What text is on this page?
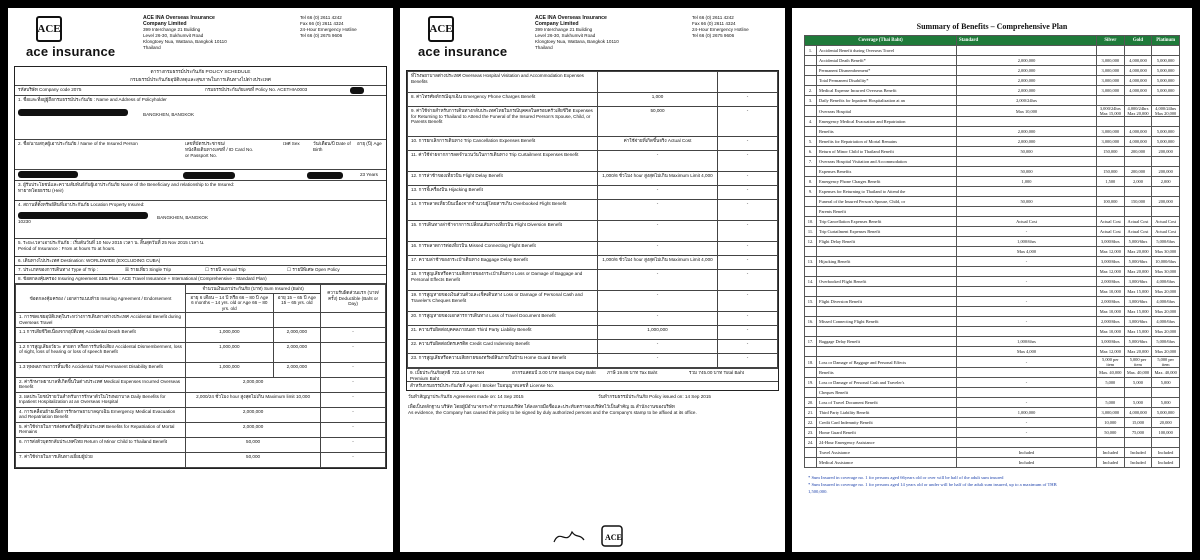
ACE
ace insurance
ACE INA Overseas Insurance
Company Limited
399 Interchange 21 Building
Level 26-30, Sukhumvit Road
Klongtoey Nua, Wattana, Bangkok 10110
Thailand
Tel 66 (0) 2611 4242
Fax 66 (0) 2611 4324
24-Hour Emergency Hotline
Tel 66 (0) 2675 9606
ตารางกรมธรรม์ประกันภัย POLICY SCHEDULE
กรมธรรม์ประกันภัยอุบัติเหตุและสุขภาพในการเดินทางไปต่างประเทศ
รหัสบริษัท Company code 2075	กรมธรรม์ประกันภัยเลขที่ Policy No. ACETHIA0003
1. ชื่อและที่อยู่ผู้ถือกรมธรรม์ประกันภัย : Name and Address of Policyholder

BANGKHEN, BANGKOK
2. ชื่อ/นามสกุลผู้เอาประกันภัย / Name of the Insured Person	เลขที่บัตรประชาชน/ หนังสือเดินทางเลขที่ / ID Card No. or Passport No.
เพศ Sex	วัน/เดือน/ปี Date of Birth
อายุ (ปี) Age
23 Years
3. ผู้รับประโยชน์และความสัมพันธ์กับผู้เอาประกันภัย Name of the Beneficiary and relationship to the Insured:
ทายาทโดยธรรม (Heir)
4. สถานที่ตั้งทรัพย์สินที่เอาประกันภัย Location Property Insured:

BANGKHEN, BANGKOK

10230
5. ระยะเวลาเอาประกันภัย : เริ่มต้นวันที่ 10 Nov 2015 เวลา น. สิ้นสุดวันที่ 25 Nov 2015 เวลา น.
Period of Insurance : From at hours To at hours.
6. เดินทางไปประเทศ Destination: WORLDWIDE (EXCLUDING CUBA)
7. ประเภทของการเดินทาง Type of Trip :	☒ รายเที่ยว Single Trip	☐ รายปี Annual Trip	☐ รายปีพิเศษ Open Policy
8. ข้อตกลงคุ้มครอง Insuring Agreement แผน Plan : ACE Travel Insurance + International (Comprehensive - Standard Plan)
ข้อตกลงคุ้มครอง / เอกสารแนบท้าย Insuring Agreement / Endorsement	จำนวนเงินเอาประกันภัย (บาท) Sum Insured (Baht)		ความรับผิดส่วนแรก (บาท/ครั้ง) Deductible (Baht or Day)
	อายุ 6 เดือน – 14 ปี หรือ 66 – 80 ปี Age 6 months – 14 yrs. old or Age 66 – 80 yrs. old	อายุ 15 – 65 ปี Age 15 – 65 yrs. old	
1. การชดเชยอุบัติเหตุในระหว่างการเดินทางต่างประเทศ Accidental Benefit during Overseas Travel			
1.1 การเสียชีวิตเนื่องจากอุบัติเหตุ Accidental Death Benefit	1,000,000	2,000,000	-
1.2 การสูญเสียอวัยวะ สายตา หรือการรับฟังเสียง Accidental Dismemberment, loss of sight, loss of hearing or loss of speech Benefit	1,000,000	2,000,000	-
1.3 ทุพพลภาพถาวรสิ้นเชิง Accidental Total Permanent Disability Benefit	1,000,000	2,000,000	-
2. ค่ารักษาพยาบาลที่เกิดขึ้นในต่างประเทศ Medical Expenses Incurred Overseas Benefit	2,000,000		-
3. ผลประโยชน์รายวันสำหรับการรักษาตัวในโรงพยาบาล Daily Benefits for Inpatient Hospitalization at an Overseas Hospital	2,000/24 ชั่วโมง hour สูงสุดไม่เกิน Maximum limit 10,000		-
4. การเคลื่อนย้ายเพื่อการรักษาพยาบาลฉุกเฉิน Emergency Medical Evacuation and Repatriation Benefit	2,000,000		-
5. ค่าใช้จ่ายในการส่งศพหรืออัฐิกลับประเทศ Benefits for Repatriation of Mortal Remains	2,000,000		-
6. การส่งตัวบุตรกลับประเทศไทย Return of Minor Child to Thailand Benefit	50,000		-
7. ค่าใช้จ่ายในการเดินทางเยี่ยมผู้ป่วย	50,000		-
ACE
ace insurance
ACE INA Overseas Insurance
Company Limited
399 Interchange 21 Building
Level 26-30, Sukhumvit Road
Klongtoey Nua, Wattana, Bangkok 10110
Thailand
Tel 66 (0) 2611 4242
Fax 66 (0) 2611 4324
24-Hour Emergency Hotline
Tel 66 (0) 2675 9606
ที่โรงพยาบาลต่างประเทศ Overseas Hospital Visitation and Accommodation Expenses Benefits		
8. ค่าโทรศัพท์กรณีฉุกเฉิน Emergency Phone Charges Benefit	1,000	-
9. ค่าใช้จ่ายสำหรับการเดินทางกลับประเทศไทยในกรณีบุคคลในครอบครัวเสียชีวิต Expenses for Returning to Thailand to Attend the Funeral of the Insured Person's Spouse, Child, or Parents Benefit	50,000	-
10. การยกเลิกการเดินทาง Trip Cancellation Expenses Benefit	ค่าใช้จ่ายที่เกิดขึ้นจริง Actual Cost	-
11. ค่าใช้จ่ายจากการลดจำนวนวันในการเดินทาง Trip Curtailment Expenses Benefit	-	-
12. การล่าช้าของเที่ยวบิน Flight Delay Benefit	1,000/6 ชั่วโมง hour สูงสุดไม่เกิน Maximum Limit 4,000	-
13. การจี้เครื่องบิน Hijacking Benefit	-	-
14. การพลาดเที่ยวบินเนื่องจากจำนวนผู้โดยสารเกิน Overbooked Flight Benefit	-	-
15. การเดินทางล่าช้าจากการเปลี่ยนเส้นทางเที่ยวบิน Flight Diversion Benefit	-	-
16. การพลาดการต่อเที่ยวบิน Missed Connecting Flight Benefit	-	-
17. ความล่าช้าของกระเป๋าเดินทาง Baggage Delay Benefit	1,000/6 ชั่วโมง hour สูงสุดไม่เกิน Maximum Limit 4,000	-
18. การสูญเสียหรือความเสียหายของกระเป๋าเดินทาง Loss or Damage of Baggage and Personal Effects Benefit	-	-
19. การสูญหายของเงินส่วนตัวและเช็คเดินทาง Loss or Damage of Personal Cash and Traveler's Cheques Benefit	-	-
20. การสูญหายของเอกสารการเดินทาง Loss of Travel Document Benefit	-	-
21. ความรับผิดต่อบุคคลภายนอก Third Party Liability Benefit	1,000,000	-
22. ความรับผิดต่อบัตรเครดิต Credit Card Indemnity Benefit	-	-
23. การสูญเสียหรือความเสียหายของทรัพย์สินภายในบ้าน Home Guard Benefit	-	-
9. เบี้ยประกันภัยสุทธิ 722.14 บาท Net Premium Baht
อากรแสตมป์ 3.00 บาท Stamps Duty Baht	ภาษี 19.86 บาท Tax Baht	รวม 745.00 บาท Total Baht
สำหรับกรมธรรม์ประกันภัยที่ Agent / Broker ใบอนุญาตเลขที่ License No.
วันทำสัญญาประกันภัย Agreement made on: 14 Sep 2015	วันทำกรมธรรม์ประกันภัย Policy issued on: 14 Sep 2015
เพื่อเป็นหลักฐาน บริษัท โดยผู้มีอำนาจกระทำการแทนบริษัท ได้ลงลายมือชื่อและประทับตราของบริษัทไว้เป็นสำคัญ ณ สำนักงานของบริษัท
As evidence, the Company has caused this policy to be signed by duly authorized persons and the Company's stamp to be affixed at its office.
ACE
Summary of Benefits – Comprehensive Plan
Coverage (Thai Baht)		Standard	Silver	Gold	Platinum
1.	Accidental Benefit during Overseas Travel				
	Accidental Death Benefit*	2,000,000	3,000,000	4,000,000	5,000,000
	Permanent Dismemberment*	2,000,000	3,000,000	4,000,000	5,000,000
	Total Permanent Disability*	2,000,000	3,000,000	4,000,000	5,000,000
2.	Medical Expense Incurred Overseas Benefit	2,000,000	3,000,000	4,000,000	5,000,000
3.	Daily Benefits for Inpatient Hospitalization at an	2,000/24hrs			
	Overseas Hospital	Max 10,000	3,000/24hrs Max 15,000	4,000/24hrs Max 20,000	4,000/24hrs Max 20,000
4.	Emergency Medical Evacuation and Repatriation				
	Benefits	2,000,000	3,000,000	4,000,000	5,000,000
5.	Benefits for Repatriation of Mortal Remains	2,000,000	3,000,000	4,000,000	5,000,000
6.	Return of Minor Child to Thailand Benefit	50,000	150,000	200,000	200,000
7.	Overseas Hospital Visitation and Accommodation				
	Expenses Benefits	50,000	150,000	200,000	200,000
8.	Emergency Phone Charges Benefit	1,000	1,500	2,000	2,000
9.	Expenses for Returning to Thailand to Attend the				
	Funeral of the Insured Person's Spouse, Child, or	50,000	100,000	150,000	200,000
	Parents Benefit				
10.	Trip Cancellation Expenses Benefit	Actual Cost	Actual Cost	Actual Cost	Actual Cost
11.	Trip Curtailment Expenses Benefit	-	Actual Cost	Actual Cost	Actual Cost
12.	Flight Delay Benefit	1,000/6hrs	3,000/6hrs	5,000/6hrs	5,000/6hrs
		Max 4,000	Max 12,000	Max 20,000	Max 30,000
13.	Hijacking Benefit	-	3,000/6hrs	5,000/6hrs	10,000/6hrs
			Max 12,000	Max 20,000	Max 30,000
14.	Overbooked Flight Benefit	-	2,000/6hrs	3,000/6hrs	4,000/6hrs
			Max 10,000	Max 15,000	Max 20,000
15.	Flight Diversion Benefit	-	2,000/6hrs	3,000/6hrs	4,000/6hrs
			Max 10,000	Max 15,000	Max 20,000
16.	Missed Connecting Flight Benefit	-	2,000/6hrs	3,000/6hrs	4,000/6hrs
			Max 10,000	Max 15,000	Max 20,000
17.	Baggage Delay Benefit	1,000/6hrs	3,000/6hrs	5,000/6hrs	5,000/6hrs
		Max 4,000	Max 12,000	Max 20,000	Max 20,000
18.	Loss or Damage of Baggage and Personal Effects	-	5,000 per item	5,000 per item	5,000 per item
	Benefits		Max. 40,000	Max. 40,000	Max. 40,000
19.	Loss or Damage of Personal Cash and Traveler's	-	5,000	5,000	5,000
	Cheques Benefit				
20.	Loss of Travel Document Benefit	-	5,000	5,000	5,000
21.	Third Party Liability Benefit	1,000,000	3,000,000	4,000,000	5,000,000
22.	Credit Card Indemnity Benefit	-	10,000	15,000	20,000
23.	Home Guard Benefit	-	50,000	75,000	100,000
24.	24-Hour Emergency Assistance				
	Travel Assistance	Included	Included	Included	Included
	Medical Assistance	Included	Included	Included	Included
* Sum Insured in coverage no. 1 for persons aged 66years old or over will be half of the adult sum insured
* Sum Insured in coverage no. 1 for persons aged 14 years old or under will be half of the adult sum insured, up to a maximum of THB
1,500,000.
